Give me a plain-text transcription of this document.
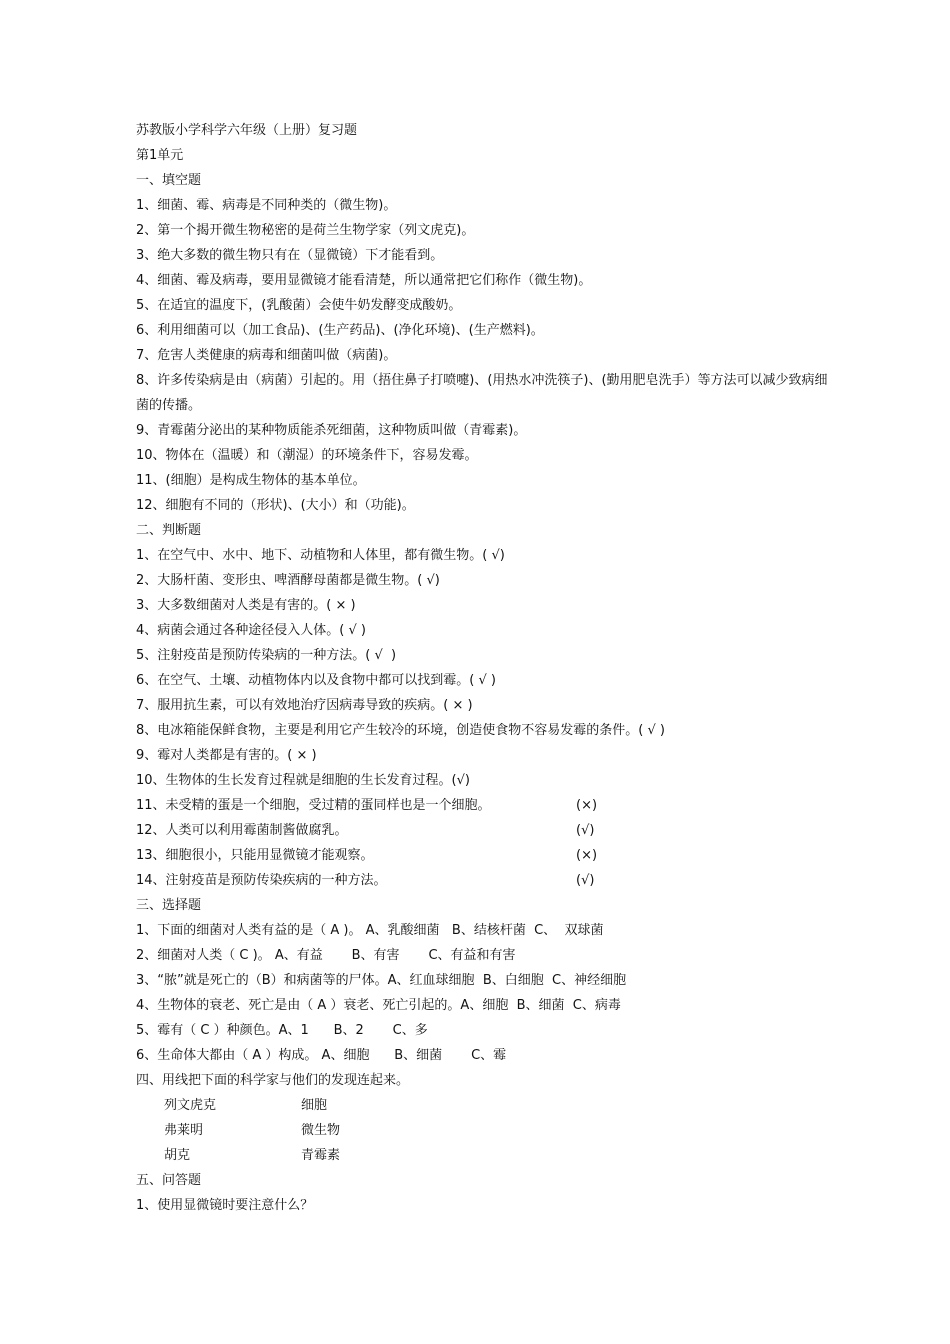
苏教版小学科学六年级（上册）复习题
第1单元
一、填空题
1、细菌、霉、病毒是不同种类的（微生物)。
2、第一个揭开微生物秘密的是荷兰生物学家（列文虎克)。
3、绝大多数的微生物只有在（显微镜）下才能看到。
4、细菌、霉及病毒，要用显微镜才能看清楚，所以通常把它们称作（微生物)。
5、在适宜的温度下，(乳酸菌）会使牛奶发酵变成酸奶。
6、利用细菌可以（加工食品)、(生产药品)、(净化环境)、(生产燃料)。
7、危害人类健康的病毒和细菌叫做（病菌)。
8、许多传染病是由（病菌）引起的。用（捂住鼻子打喷嚏)、(用热水冲洗筷子)、(勤用肥皂洗手）等方法可以减少致病细菌的传播。
9、青霉菌分泌出的某种物质能杀死细菌，这种物质叫做（青霉素)。
10、物体在（温暖）和（潮湿）的环境条件下，容易发霉。
11、(细胞）是构成生物体的基本单位。
12、细胞有不同的（形状)、(大小）和（功能)。
二、判断题
1、在空气中、水中、地下、动植物和人体里，都有微生物。( √)
2、大肠杆菌、变形虫、啤酒酵母菌都是微生物。( √)
3、大多数细菌对人类是有害的。( × )
4、病菌会通过各种途径侵入人体。( √ )
5、注射疫苗是预防传染病的一种方法。( √  )
6、在空气、土壤、动植物体内以及食物中都可以找到霉。( √ )
7、服用抗生素，可以有效地治疗因病毒导致的疾病。( × )
8、电冰箱能保鲜食物，主要是利用它产生较冷的环境，创造使食物不容易发霉的条件。( √ )
9、霉对人类都是有害的。( × )
10、生物体的生长发育过程就是细胞的生长发育过程。(√)
11、未受精的蛋是一个细胞，受过精的蛋同样也是一个细胞。	(×)
12、人类可以利用霉菌制酱做腐乳。	(√)
13、细胞很小，只能用显微镜才能观察。	(×)
14、注射疫苗是预防传染疾病的一种方法。	(√)
三、选择题
1、下面的细菌对人类有益的是（ A )。 A、乳酸细菌   B、结核杆菌  C、  双球菌
2、细菌对人类（ C )。 A、有益       B、有害       C、有益和有害
3、“脓”就是死亡的（B）和病菌等的尸体。A、红血球细胞  B、白细胞  C、神经细胞
4、生物体的衰老、死亡是由（ A ）衰老、死亡引起的。A、细胞  B、细菌  C、病毒
5、霉有（ C ）种颜色。A、1      B、2       C、多
6、生命体大都由（ A ）构成。 A、细胞      B、细菌       C、霉
四、用线把下面的科学家与他们的发现连起来。
列文虎克	细胞
弗莱明	微生物
胡克	青霉素
五、问答题
1、使用显微镜时要注意什么？
